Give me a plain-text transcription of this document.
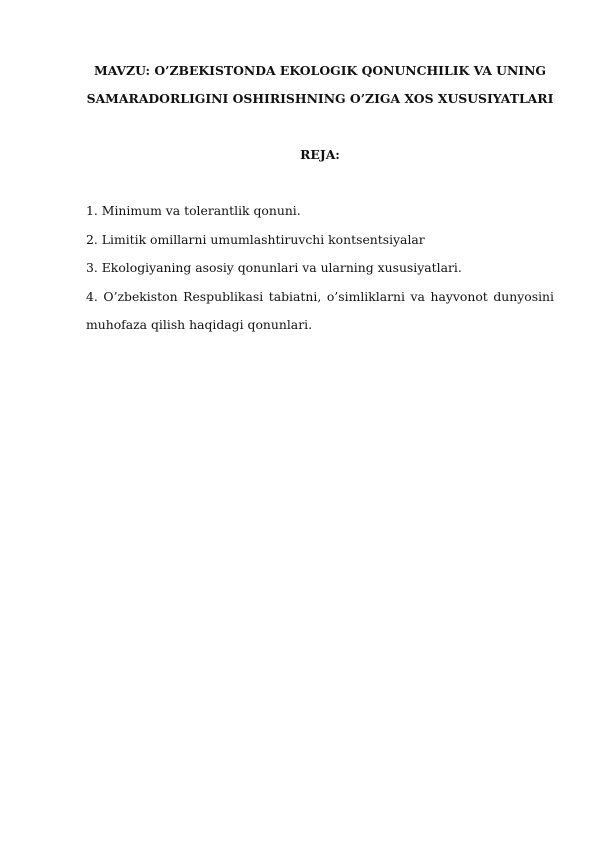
MAVZU: O’ZBEKISTONDA EKOLOGIK QONUNCHILIK VA UNING
SAMARADORLIGINI OSHIRISHNING O’ZIGA XOS XUSUSIYATLARI
REJA:
1. Minimum va tolerantlik qonuni.
2. Limitik omillarni umumlashtiruvchi kontsentsiyalar
3. Ekologiyaning asosiy qonunlari va ularning xususiyatlari.
4. O’zbekiston Respublikasi tabiatni, o’simliklarni va hayvonot dunyosini muhofaza qilish haqidagi qonunlari.
